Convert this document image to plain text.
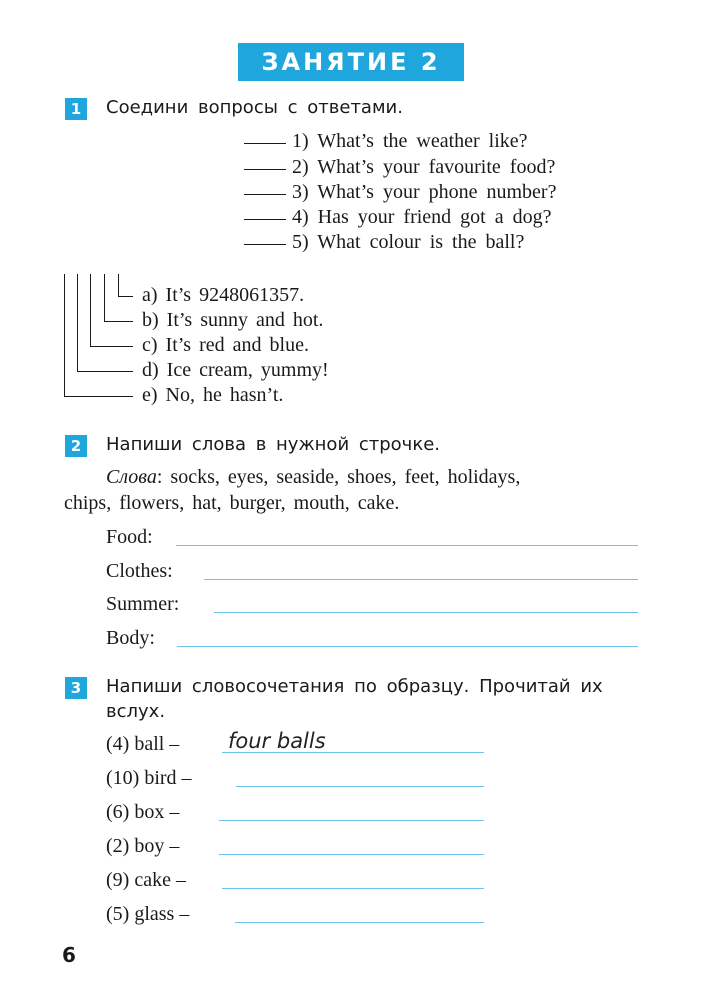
ЗАНЯТИЕ 2
1	Соедини вопросы с ответами.
1) What’s the weather like?
2) What’s your favourite food?
3) What’s your phone number?
4) Has your friend got a dog?
5) What colour is the ball?
a) It’s 9248061357.
b) It’s sunny and hot.
c) It’s red and blue.
d) Ice cream, yummy!
e) No, he hasn’t.
2	Напиши слова в нужной строчке.
Слова: socks, eyes, seaside, shoes, feet, holidays,
chips, flowers, hat, burger, mouth, cake.
Food:
Clothes:
Summer:
Body:
3	Напиши словосочетания по образцу. Прочитай их
вслух.
(4) ball – four balls
(10) bird –
(6) box –
(2) boy –
(9) cake –
(5) glass –
6
